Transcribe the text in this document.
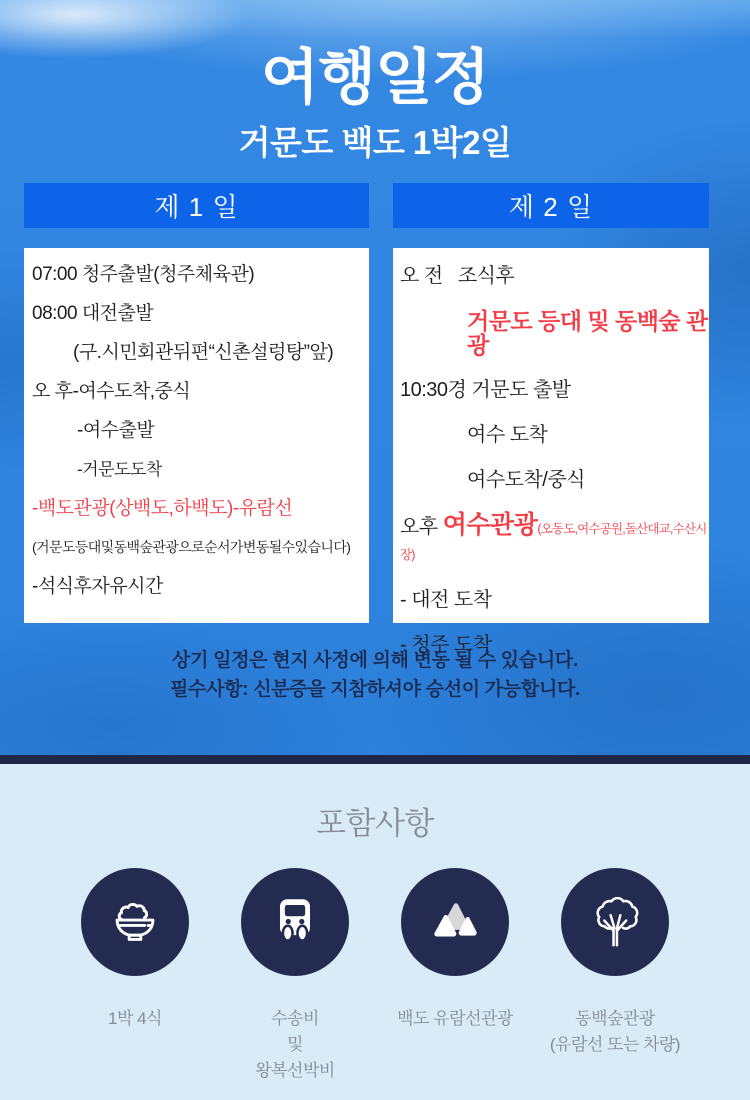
여행일정
거문도 백도 1박2일
제 1 일	제 2 일
07:00 청주출발(청주체육관)
08:00 대전출발
(구.시민회관뒤편“신촌설렁탕”앞)
오 후-여수도착,중식
-여수출발
-거문도도착
-백도관광(상백도,하백도)-유람선
(거문도등대및동백숲관광으로순서가변동될수있습니다)
-석식후자유시간
오 전   조식후
거문도 등대 및 동백숲 관광
10:30경 거문도 출발
여수 도착
여수도착/중식
오후 여수관광(오동도,여수공원,돌산대교,수산시장)
- 대전 도착
- 청주 도착
상기 일정은 현지 사정에 의해 변동 될 수 있습니다.
필수사항: 신분증을 지참하셔야 승선이 가능합니다.
포함사항
1박 4식	수송비
및
왕복선박비
백도 유람선관광	동백숲관광
(유람선 또는 차량)
